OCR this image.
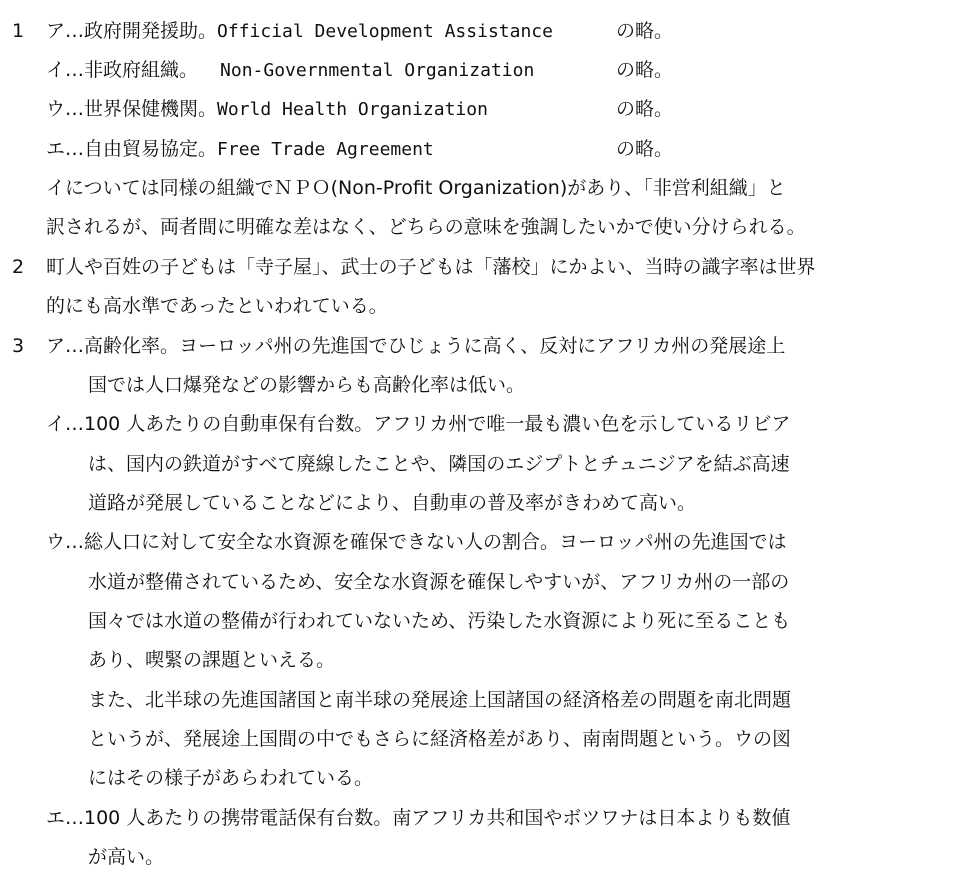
1	ア…政府開発援助。Official Development Assistance	の略。
イ…非政府組織。 Non-Governmental Organization	の略。
ウ…世界保健機関。World Health Organization	の略。
エ…自由貿易協定。Free Trade Agreement	の略。
イについては同様の組織でＮＰＯ(Non-Profit Organization)があり、「非営利組織」と
訳されるが、両者間に明確な差はなく、どちらの意味を強調したいかで使い分けられる。
2	町人や百姓の子どもは「寺子屋」、武士の子どもは「藩校」にかよい、当時の識字率は世界
的にも高水準であったといわれている。
3	ア…高齢化率。ヨーロッパ州の先進国でひじょうに高く、反対にアフリカ州の発展途上
国では人口爆発などの影響からも高齢化率は低い。
イ…100 人あたりの自動車保有台数。アフリカ州で唯一最も濃い色を示しているリビア
は、国内の鉄道がすべて廃線したことや、隣国のエジプトとチュニジアを結ぶ高速
道路が発展していることなどにより、自動車の普及率がきわめて高い。
ウ…総人口に対して安全な水資源を確保できない人の割合。ヨーロッパ州の先進国では
水道が整備されているため、安全な水資源を確保しやすいが、アフリカ州の一部の
国々では水道の整備が行われていないため、汚染した水資源により死に至ることも
あり、喫緊の課題といえる。
また、北半球の先進国諸国と南半球の発展途上国諸国の経済格差の問題を南北問題
というが、発展途上国間の中でもさらに経済格差があり、南南問題という。ウの図
にはその様子があらわれている。
エ…100 人あたりの携帯電話保有台数。南アフリカ共和国やボツワナは日本よりも数値
が高い。
